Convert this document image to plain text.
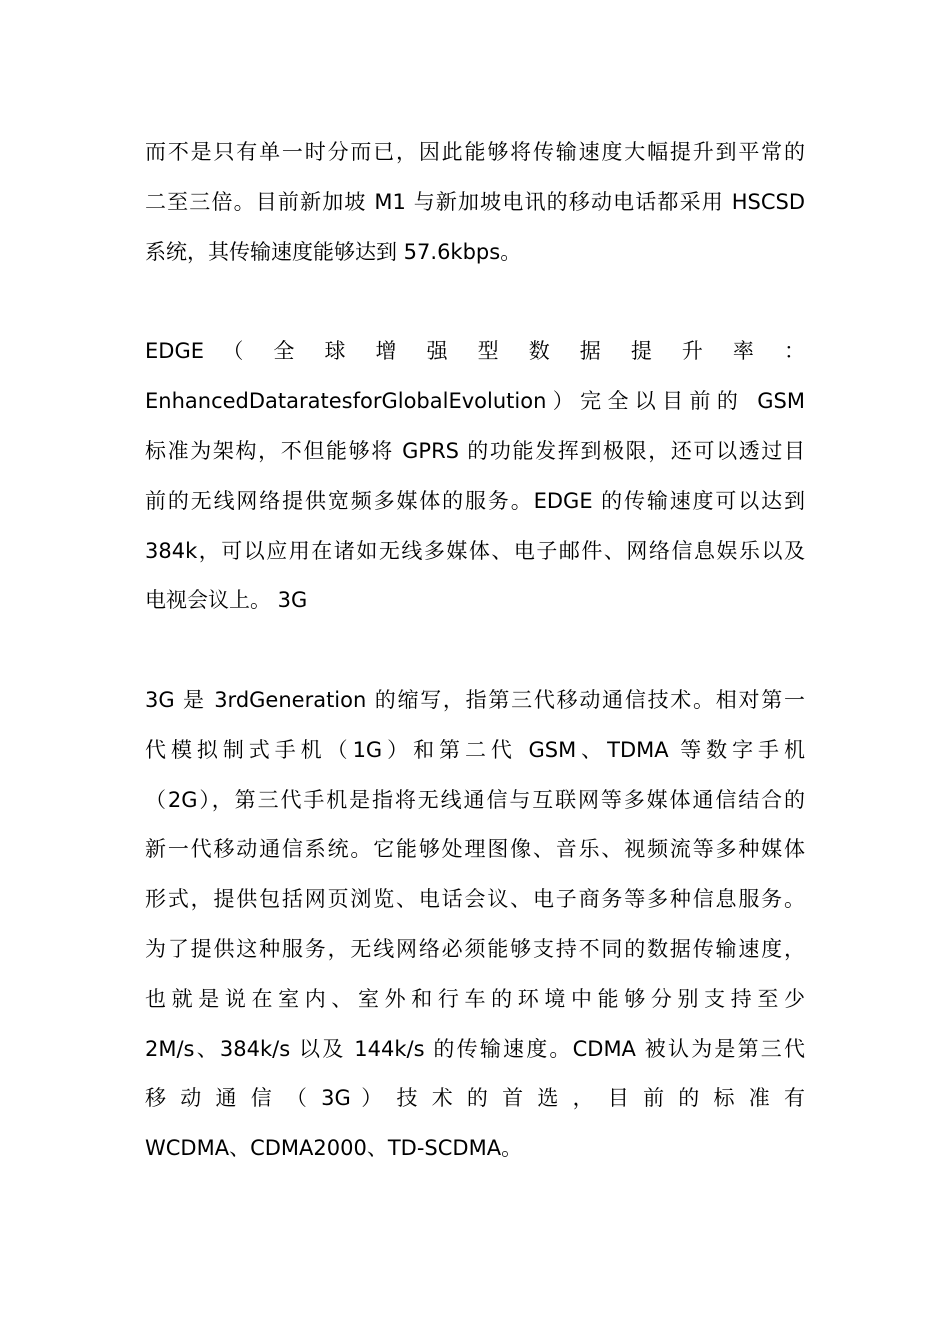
而不是只有单一时分而已，因此能够将传输速度大幅提升到平常的
二至三倍。目前新加坡 M1 与新加坡电讯的移动电话都采用 HSCSD
系统，其传输速度能够达到 57.6kbps。
EDGE （ 全 球 增 强 型 数 据 提 升 率 ：
EnhancedDataratesforGlobalEvolution）完全以目前的 GSM
标准为架构，不但能够将 GPRS 的功能发挥到极限，还可以透过目
前的无线网络提供宽频多媒体的服务。EDGE 的传输速度可以达到
384k，可以应用在诸如无线多媒体、电子邮件、网络信息娱乐以及
电视会议上。 3G
3G 是 3rdGeneration 的缩写，指第三代移动通信技术。相对第一
代模拟制式手机（1G）和第二代 GSM、TDMA 等数字手机
（2G），第三代手机是指将无线通信与互联网等多媒体通信结合的
新一代移动通信系统。它能够处理图像、音乐、视频流等多种媒体
形式，提供包括网页浏览、电话会议、电子商务等多种信息服务。
为了提供这种服务，无线网络必须能够支持不同的数据传输速度，
也就是说在室内、室外和行车的环境中能够分别支持至少
2M/s、384k/s 以及 144k/s 的传输速度。CDMA 被认为是第三代
移 动 通 信 （ 3G ） 技 术 的 首 选 ， 目 前 的 标 准 有
WCDMA、CDMA2000、TD-SCDMA。
